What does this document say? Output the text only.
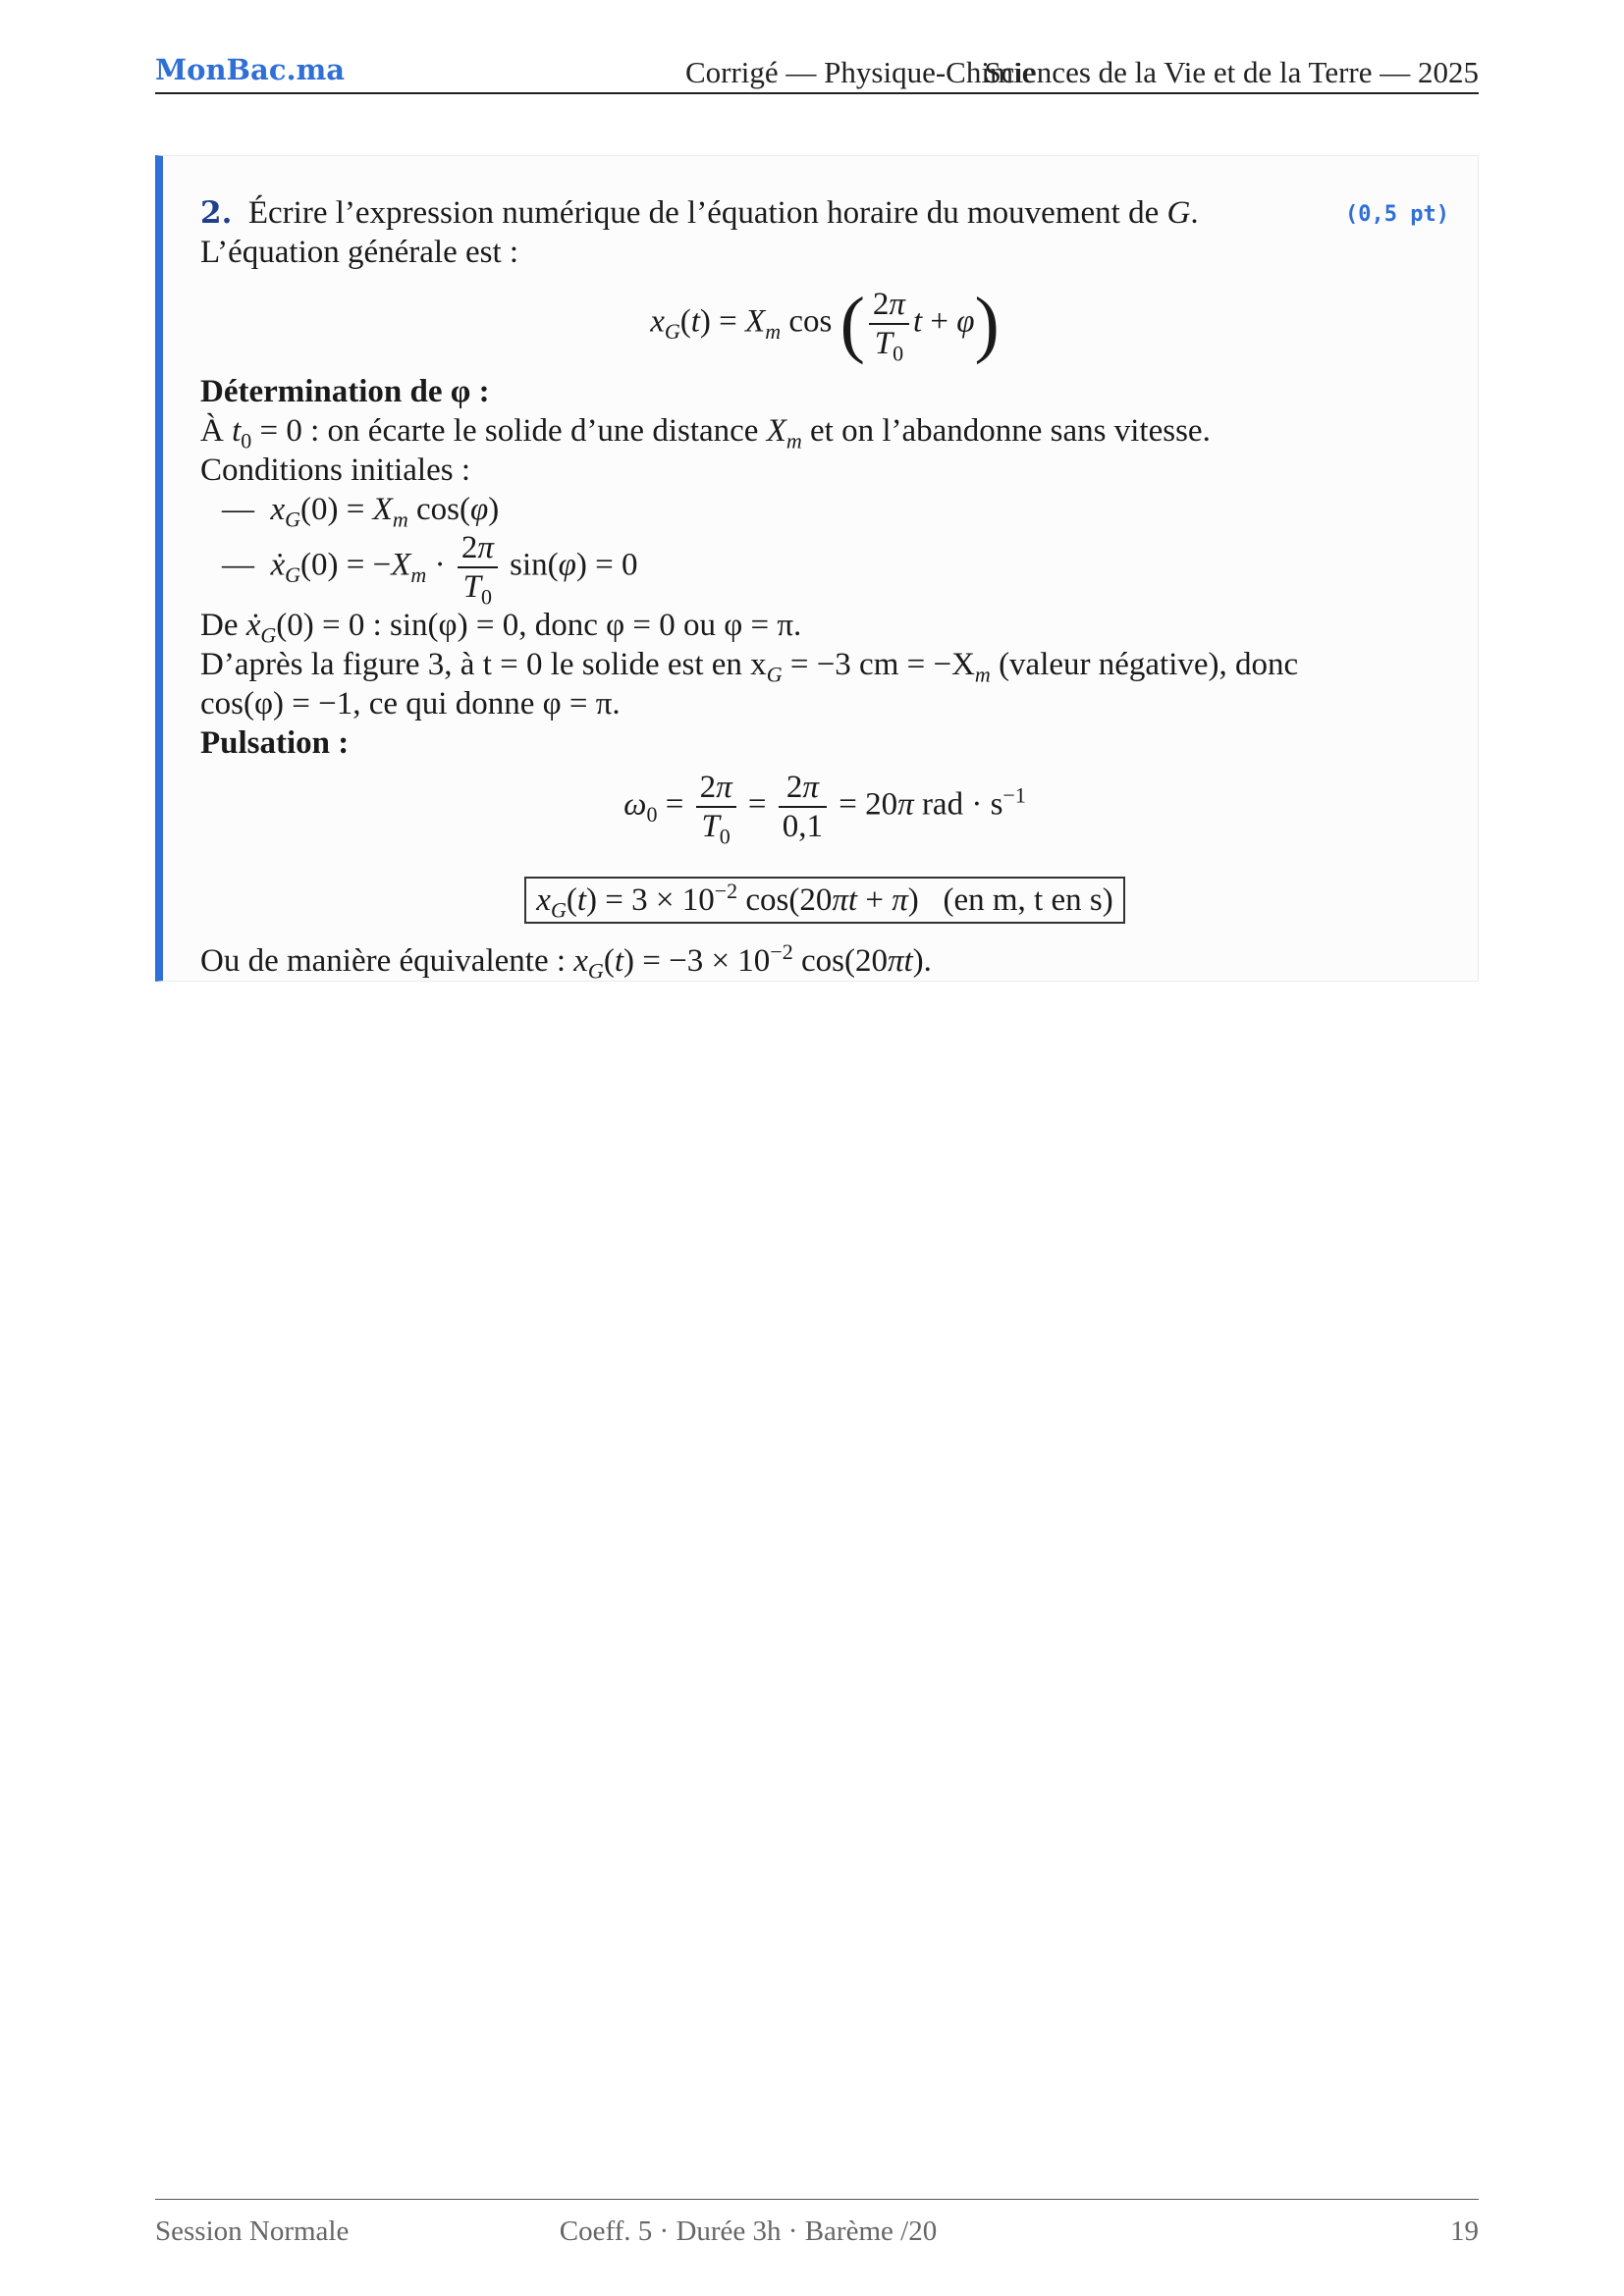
MonBac.ma	Corrigé — Physique-ChimieSciences de la Vie et de la Terre — 2025
2. Écrire l’expression numérique de l’équation horaire du mouvement de G.	(0,5 pt)
L’équation générale est :
$x_G(t) = X_m$ cos ( $\frac{2\pi}{T_0}$ t + φ)
Détermination de φ :
À $t_0 = 0$ : on écarte le solide d’une distance $X_m$ et on l’abandonne sans vitesse.
Conditions initiales :
—  $x_G(0) = X_m$ cos(φ)
—  ẋ$_G$(0) = $-X_m \cdot \frac{2\pi}{T_0} \sin(\varphi) = 0$
De ẋ$_G$(0) = 0 : sin(φ) = 0, donc φ = 0 ou φ = π.
D’après la figure 3, à t = 0 le solide est en $x_G = -3$ cm = $-X_m$ (valeur négative), donc
cos(φ) = −1, ce qui donne φ = π.
Pulsation :
$\omega_0 = \frac{2\pi}{T_0} = \frac{2\pi}{0,1} = 20\pi$ rad · $s^{-1}$
$x_G(t) = 3 \times 10^{-2}$ cos(20πt + π)   (en m, t en s)
Ou de manière équivalente : $x_G(t) = -3 \times 10^{-2}$ cos(20πt).
Session Normale	Coeff. 5 · Durée 3h · Barème /20	19
